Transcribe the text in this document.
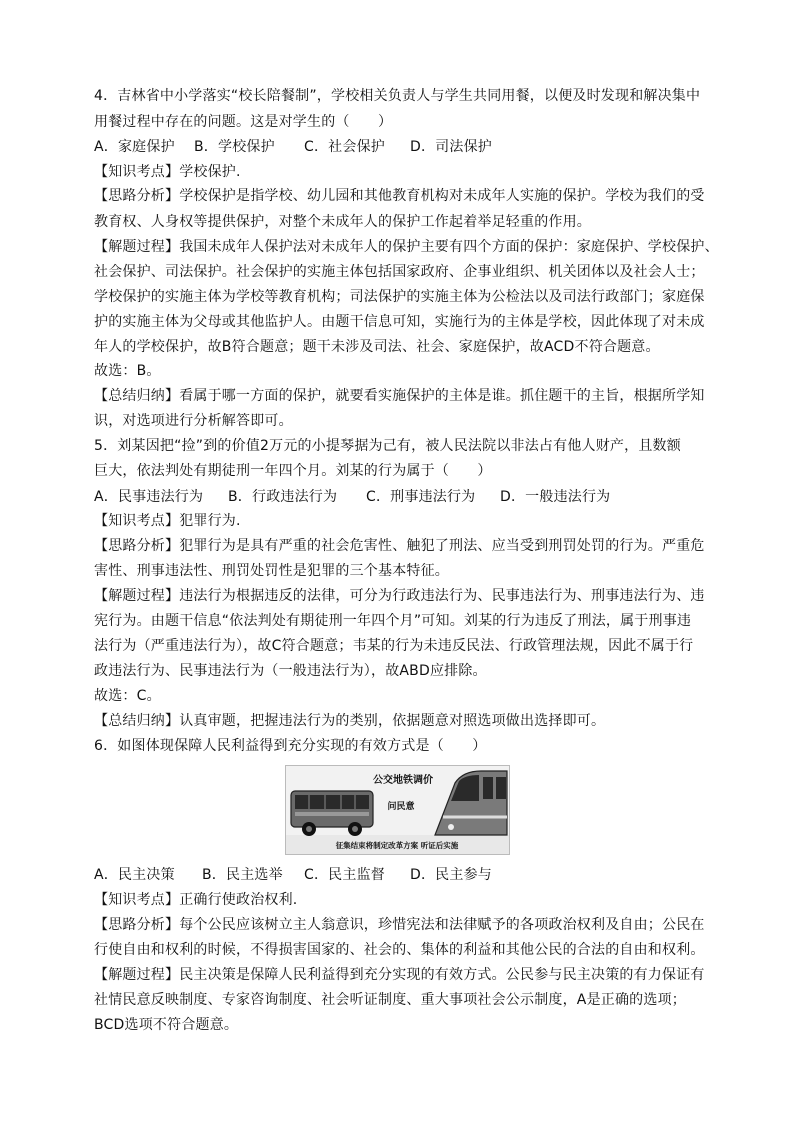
4．吉林省中小学落实“校长陪餐制”，学校相关负责人与学生共同用餐，以便及时发现和解决集中
用餐过程中存在的问题。这是对学生的（　　）
A．家庭保护 B．学校保护 C．社会保护 D．司法保护
【知识考点】学校保护.
【思路分析】学校保护是指学校、幼儿园和其他教育机构对未成年人实施的保护。学校为我们的受
教育权、人身权等提供保护，对整个未成年人的保护工作起着举足轻重的作用。
【解题过程】我国未成年人保护法对未成年人的保护主要有四个方面的保护：家庭保护、学校保护、
社会保护、司法保护。社会保护的实施主体包括国家政府、企事业组织、机关团体以及社会人士；
学校保护的实施主体为学校等教育机构；司法保护的实施主体为公检法以及司法行政部门；家庭保
护的实施主体为父母或其他监护人。由题干信息可知，实施行为的主体是学校，因此体现了对未成
年人的学校保护，故B符合题意；题干未涉及司法、社会、家庭保护，故ACD不符合题意。
故选：B。
【总结归纳】看属于哪一方面的保护，就要看实施保护的主体是谁。抓住题干的主旨，根据所学知
识，对选项进行分析解答即可。
5．刘某因把“捡”到的价值2万元的小提琴据为己有，被人民法院以非法占有他人财产，且数额
巨大，依法判处有期徒刑一年四个月。刘某的行为属于（　　）
A．民事违法行为 B．行政违法行为 C．刑事违法行为 D．一般违法行为
【知识考点】犯罪行为.
【思路分析】犯罪行为是具有严重的社会危害性、触犯了刑法、应当受到刑罚处罚的行为。严重危
害性、刑事违法性、刑罚处罚性是犯罪的三个基本特征。
【解题过程】违法行为根据违反的法律，可分为行政违法行为、民事违法行为、刑事违法行为、违
宪行为。由题干信息“依法判处有期徒刑一年四个月”可知。刘某的行为违反了刑法，属于刑事违
法行为（严重违法行为），故C符合题意；韦某的行为未违反民法、行政管理法规，因此不属于行
政违法行为、民事违法行为（一般违法行为），故ABD应排除。
故选：C。
【总结归纳】认真审题，把握违法行为的类别，依据题意对照选项做出选择即可。
6．如图体现保障人民利益得到充分实现的有效方式是（　　）
公交地铁调价
问民意
征集结束将制定改革方案 听证后实施
A．民主决策 B．民主选举 C．民主监督 D．民主参与
【知识考点】正确行使政治权利.
【思路分析】每个公民应该树立主人翁意识，珍惜宪法和法律赋予的各项政治权利及自由；公民在
行使自由和权利的时候，不得损害国家的、社会的、集体的利益和其他公民的合法的自由和权利。
【解题过程】民主决策是保障人民利益得到充分实现的有效方式。公民参与民主决策的有力保证有
社情民意反映制度、专家咨询制度、社会听证制度、重大事项社会公示制度，A是正确的选项；
BCD选项不符合题意。
